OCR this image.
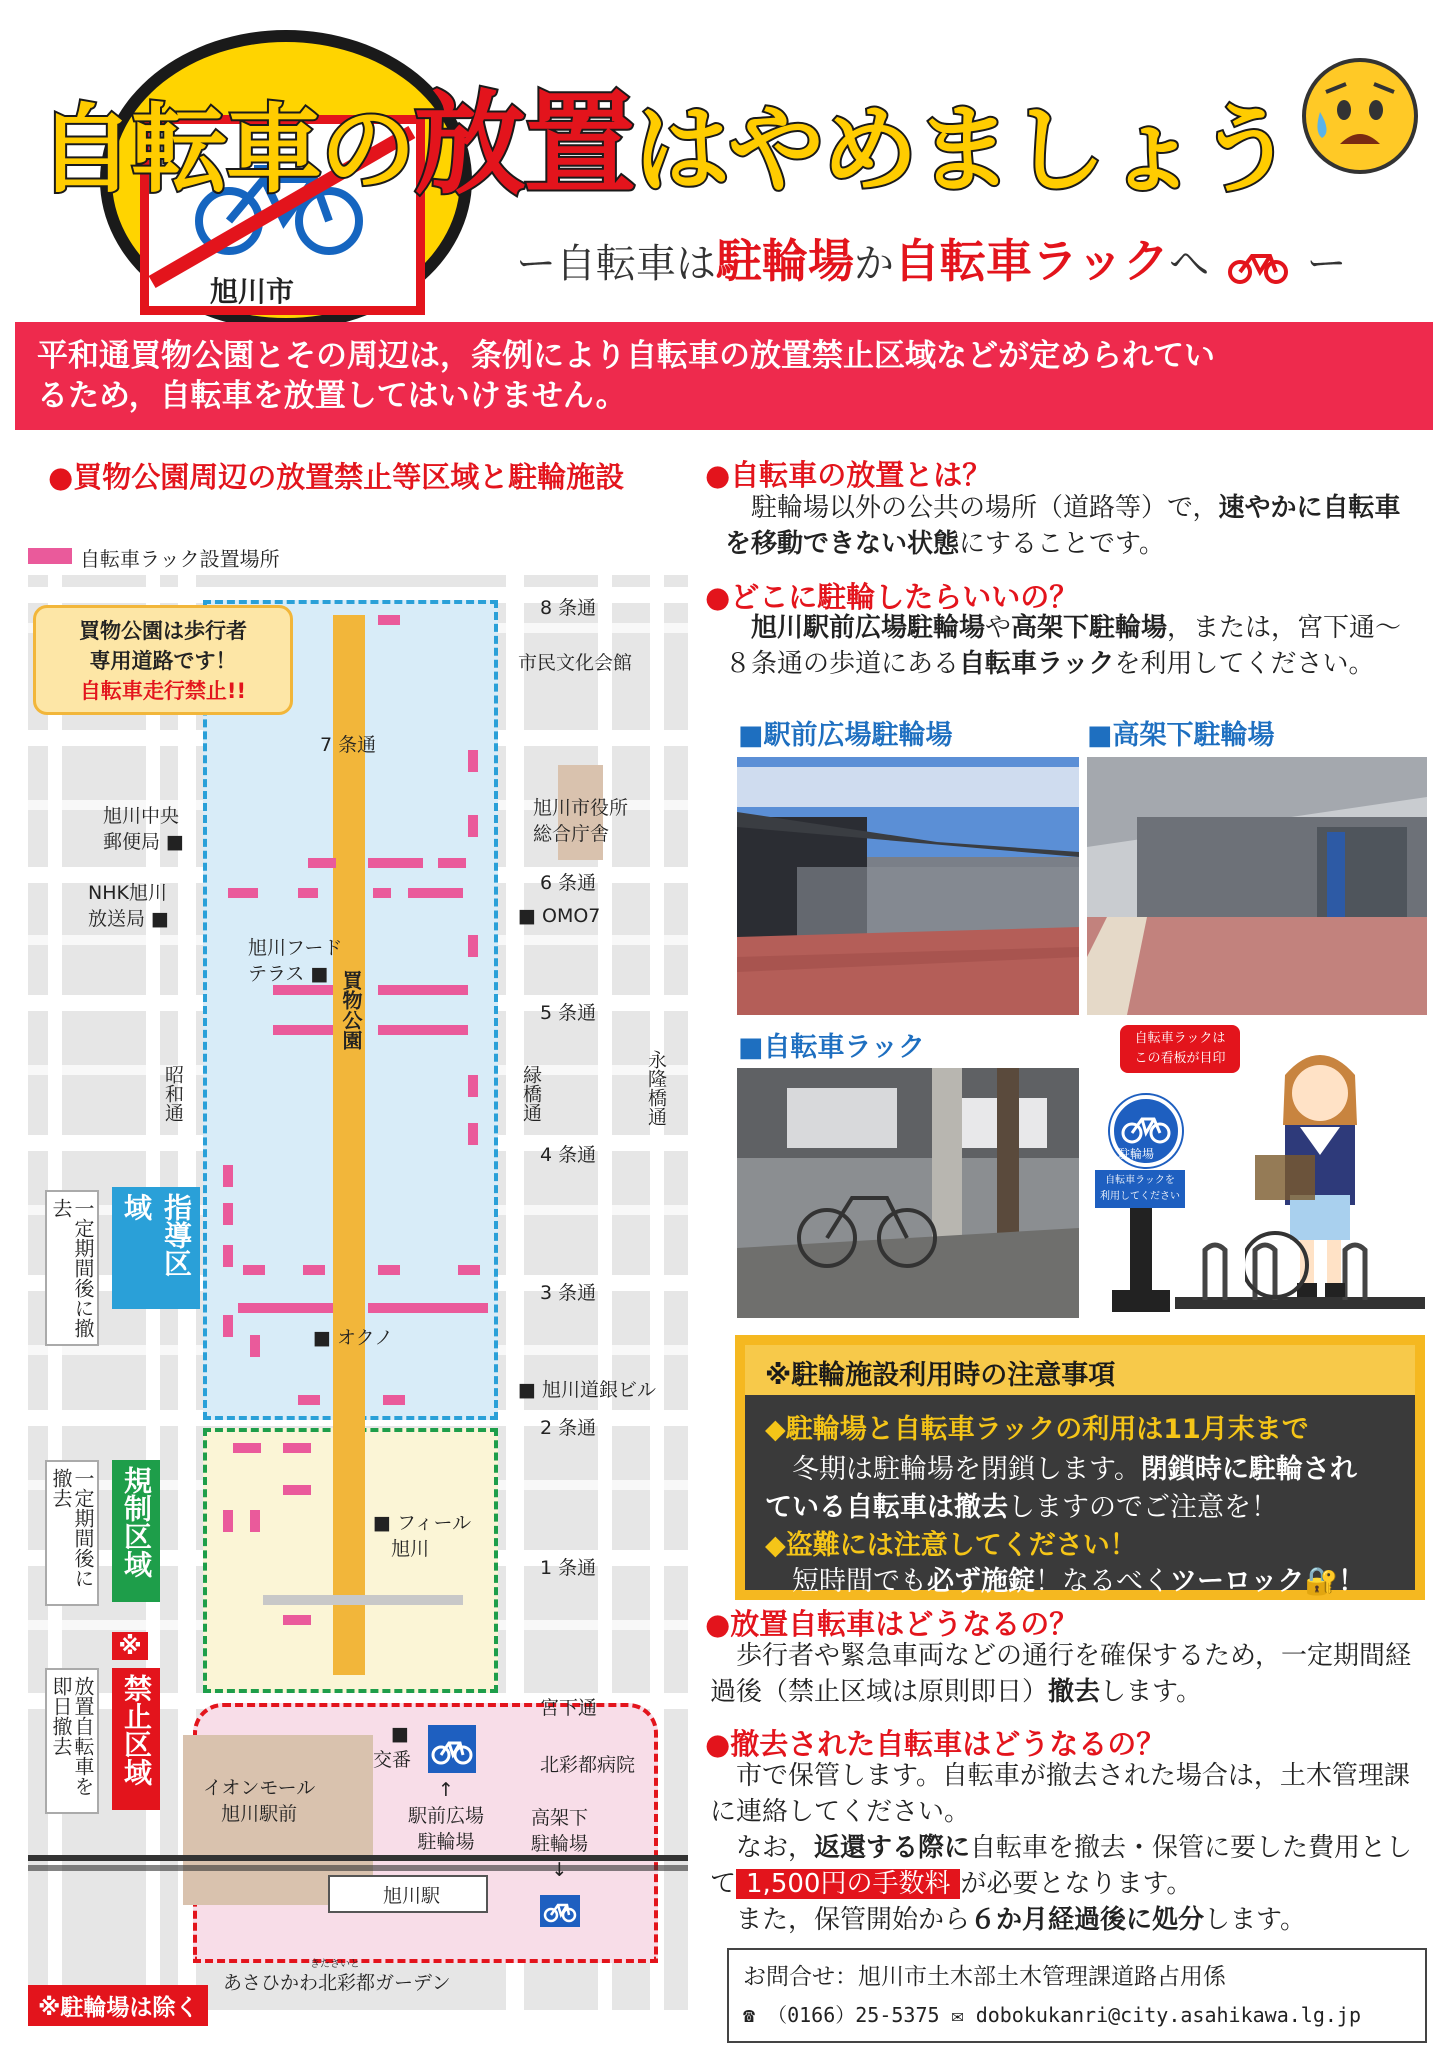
旭川市
自転車の放置はやめましょう
ー自転車は駐輪場か自転車ラックへ ー
平和通買物公園とその周辺は，条例により自転車の放置禁止区域などが定められてい
るため，自転車を放置してはいけません。
●買物公園周辺の放置禁止等区域と駐輪施設
自転車ラック設置場所
買物公園
買物公園は歩行者
専用道路です！
自転車走行禁止!!
8 条通
7 条通
6 条通
5 条通
4 条通
3 条通
2 条通
1 条通
宮下通
昭和通	緑橋通	永隆橋通
市民文化会館
旭川市役所
総合庁舎
旭川中央
郵便局 ■
NHK旭川
放送局 ■	■ OMO7
旭川フード
テラス ■
■ オクノ
■ 旭川道銀ビル
■ フィール
旭川
■
交番	北彩都病院
イオンモール
旭川駅前
↑
駅前広場
駐輪場
高架下
駐輪場
↓
旭川駅
きたさいと
あさひかわ北彩都ガーデン
指導区域
一定期間後に撤去
規制区域
一定期間後に撤去
※
禁止区域
放置自転車を即日撤去
※駐輪場は除く
●自転車の放置とは？
　駐輪場以外の公共の場所（道路等）で，速やかに自転車を移動できない状態にすることです。
●どこに駐輪したらいいの？
旭川駅前広場駐輪場や高架下駐輪場，または，宮下通～８条通の歩道にある自転車ラックを利用してください。
■駅前広場駐輪場	■高架下駐輪場
■自転車ラック	自転車ラックは
この看板が目印
駐輪場
自転車ラックを
利用してください
※駐輪施設利用時の注意事項
◆駐輪場と自転車ラックの利用は11月末まで
　冬期は駐輪場を閉鎖します。閉鎖時に駐輪され
ている自転車は撤去しますのでご注意を！
◆盗難には注意してください！
　短時間でも必ず施錠！なるべくツーロック🔐！
●放置自転車はどうなるの？
　歩行者や緊急車両などの通行を確保するため，一定期間経過後（禁止区域は原則即日）撤去します。
●撤去された自転車はどうなるの？
　市で保管します。自転車が撤去された場合は，土木管理課に連絡してください。
　なお，返還する際に自転車を撤去・保管に要した費用として 1,500円の手数料 が必要となります。
　また，保管開始から６か月経過後に処分します。
お問合せ：旭川市土木部土木管理課道路占用係
☎ （0166）25-5375 ✉ dobokukanri@city.asahikawa.lg.jp
